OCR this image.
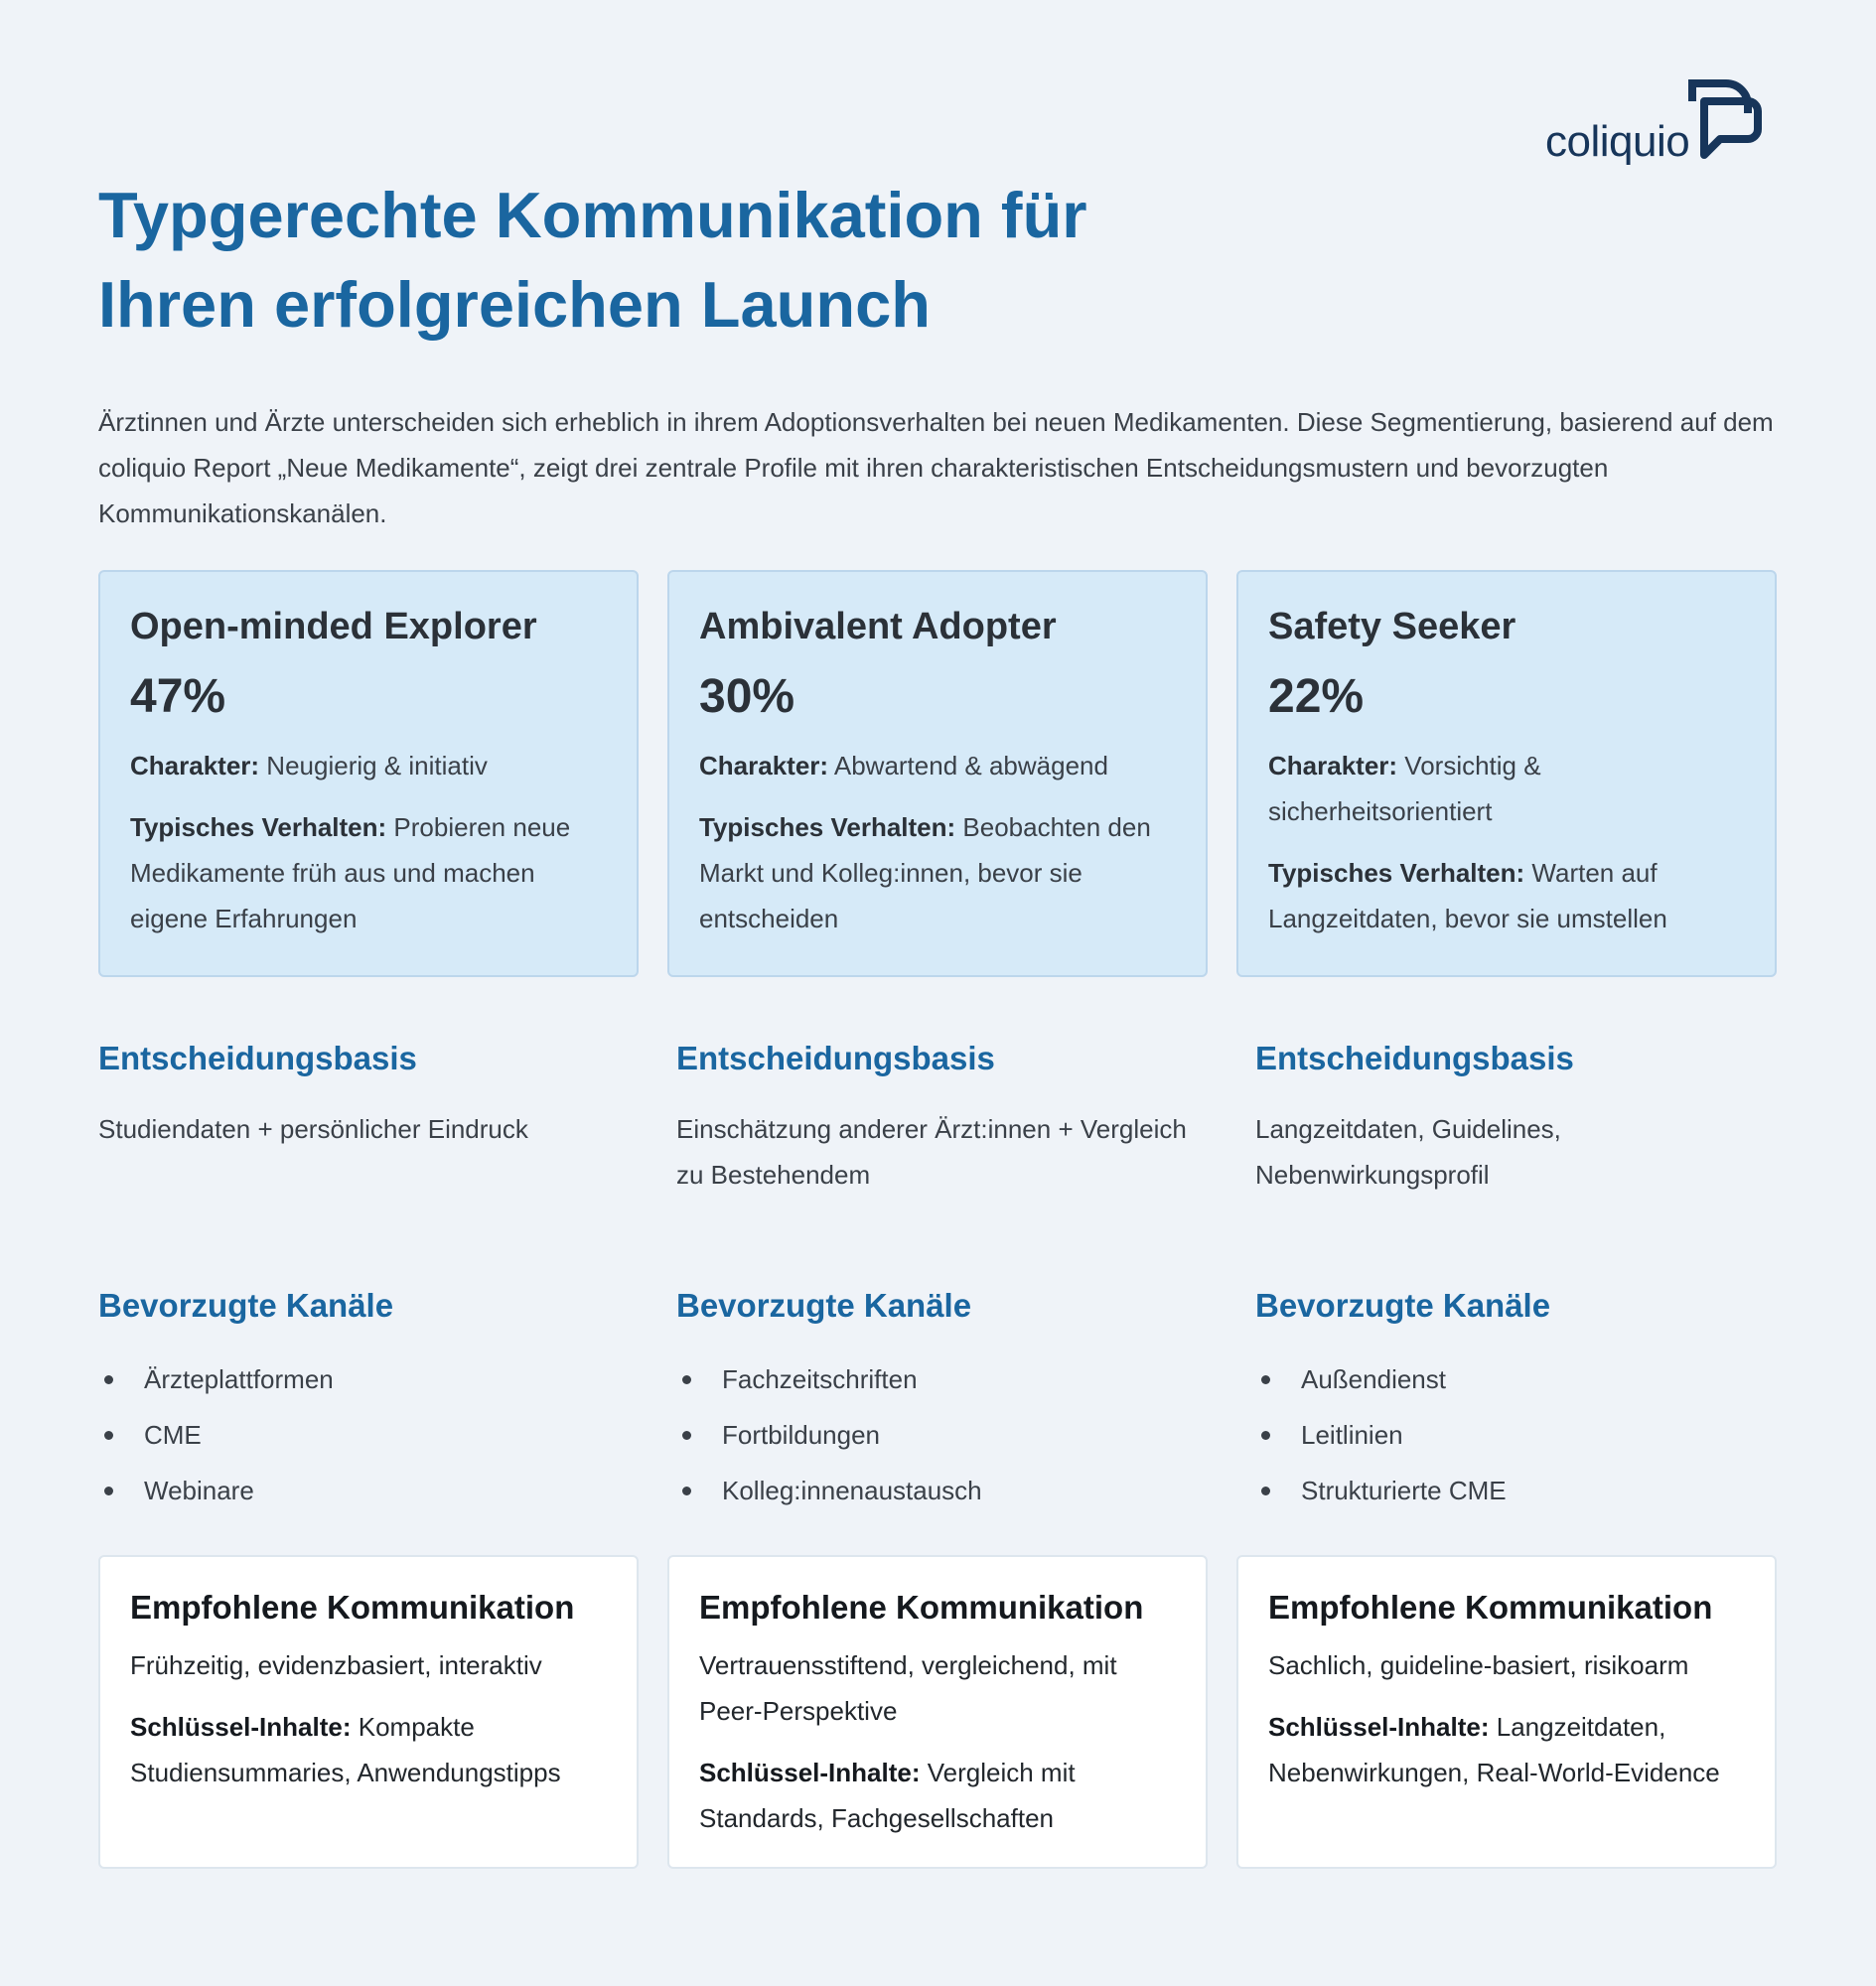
coliquio
Typgerechte Kommunikation für
Ihren erfolgreichen Launch

Ärztinnen und Ärzte unterscheiden sich erheblich in ihrem Adoptionsverhalten bei neuen Medikamenten. Diese Segmentierung, basierend auf dem coliquio Report „Neue Medikamente“, zeigt drei zentrale Profile mit ihren charakteristischen Entscheidungsmustern und bevorzugten Kommunikationskanälen.

Open-minded Explorer
47%
Charakter: Neugierig & initiativ
Typisches Verhalten: Probieren neue Medikamente früh aus und machen eigene Erfahrungen
Ambivalent Adopter
30%
Charakter: Abwartend & abwägend
Typisches Verhalten: Beobachten den Markt und Kolleg:innen, bevor sie entscheiden
Safety Seeker
22%
Charakter: Vorsichtig & sicherheitsorientiert
Typisches Verhalten: Warten auf Langzeitdaten, bevor sie umstellen
Entscheidungsbasis

Studiendaten + persönlicher Eindruck

Entscheidungsbasis

Einschätzung anderer Ärzt:innen + Vergleich zu Bestehendem

Entscheidungsbasis

Langzeitdaten, Guidelines, Nebenwirkungsprofil

Bevorzugte Kanäle
Ärzteplattformen
CME
Webinare
Bevorzugte Kanäle
Fachzeitschriften
Fortbildungen
Kolleg:innenaustausch
Bevorzugte Kanäle
Außendienst
Leitlinien
Strukturierte CME
Empfohlene Kommunikation
Frühzeitig, evidenzbasiert, interaktiv
Schlüssel-Inhalte: Kompakte Studiensummaries, Anwendungstipps
Empfohlene Kommunikation
Vertrauensstiftend, vergleichend, mit Peer-Perspektive
Schlüssel-Inhalte: Vergleich mit Standards, Fachgesellschaften
Empfohlene Kommunikation
Sachlich, guideline-basiert, risikoarm
Schlüssel-Inhalte: Langzeitdaten, Nebenwirkungen, Real-World-Evidence
